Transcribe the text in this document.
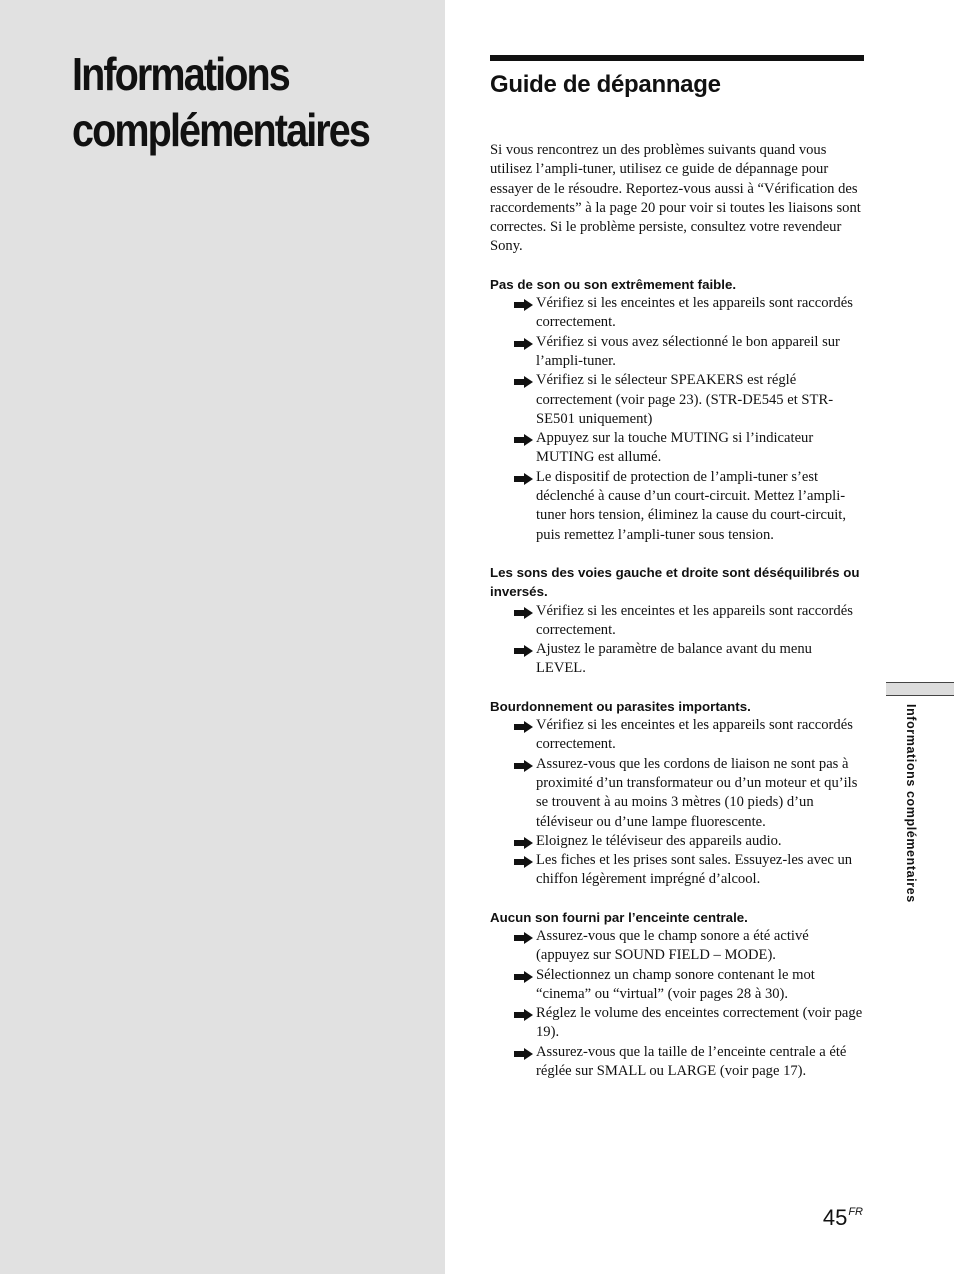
Informations
complémentaires
Guide de dépannage

Si vous rencontrez un des problèmes suivants quand vous utilisez l’ampli-tuner, utilisez ce guide de dépannage pour essayer de le résoudre. Reportez-vous aussi à “Vérification des raccordements” à la page 20 pour voir si toutes les liaisons sont correctes. Si le problème persiste, consultez votre revendeur Sony.

Pas de son ou son extrêmement faible.
Vérifiez si les enceintes et les appareils sont raccordés correctement.
Vérifiez si vous avez sélectionné le bon appareil sur l’ampli-tuner.
Vérifiez si le sélecteur SPEAKERS est réglé correctement (voir page 23). (STR-DE545 et STR-SE501 uniquement)
Appuyez sur la touche MUTING si l’indicateur MUTING est allumé.
Le dispositif de protection de l’ampli-tuner s’est déclenché à cause d’un court-circuit. Mettez l’ampli-tuner hors tension, éliminez la cause du court-circuit, puis remettez l’ampli-tuner sous tension.
Les sons des voies gauche et droite sont déséquilibrés ou inversés.
Vérifiez si les enceintes et les appareils sont raccordés correctement.
Ajustez le paramètre de balance avant du menu LEVEL.
Bourdonnement ou parasites importants.
Vérifiez si les enceintes et les appareils sont raccordés correctement.
Assurez-vous que les cordons de liaison ne sont pas à proximité d’un transformateur ou d’un moteur et qu’ils se trouvent à au moins 3 mètres (10 pieds) d’un téléviseur ou d’une lampe fluorescente.
Eloignez le téléviseur des appareils audio.
Les fiches et les prises sont sales. Essuyez-les avec un chiffon légèrement imprégné d’alcool.
Aucun son fourni par l’enceinte centrale.
Assurez-vous que le champ sonore a été activé (appuyez sur SOUND FIELD – MODE).
Sélectionnez un champ sonore contenant le mot “cinema” ou “virtual” (voir pages 28 à 30).
Réglez le volume des enceintes correctement (voir page 19).
Assurez-vous que la taille de l’enceinte centrale a été réglée sur SMALL ou LARGE (voir page 17).
Informations complémentaires
$45^{FR}$
